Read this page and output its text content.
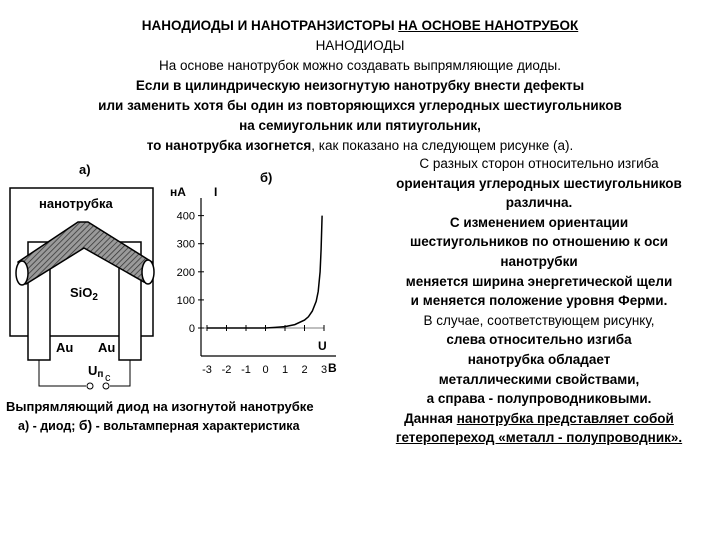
НАНОДИОДЫ И НАНОТРАНЗИСТОРЫ НА ОСНОВЕ НАНОТРУБОК
НАНОДИОДЫ
На основе нанотрубок можно создавать выпрямляющие диоды.
Если в цилиндрическую неизогнутую нанотрубку внести дефекты
или заменить хотя бы один из повторяющихся углеродных шестиугольников
на семиугольник или пятиугольник,
то нанотрубка изогнется, как показано на следующем рисунке (а).
С разных сторон относительно изгиба
ориентация углеродных шестиугольников
различна.
С изменением ориентации
шестиугольников по отношению к оси
нанотрубки
меняется ширина энергетической щели
и меняется положение уровня Ферми.
В случае, соответствующем рисунку,
слева относительно изгиба
нанотрубка обладает
металлическими свойствами,
а справа - полупроводниковыми.
Данная нанотрубка представляет собой
гетеропереход «металл - полупроводник».
а)
нанотрубка
SiO$_2$
Au Au
Uп c
б)
нА I
U
В
0
100
200
300
400
-3 -2 -1 0 1 2 3
Выпрямляющий диод на изогнутой нанотрубке
а) - диод; б) - вольтамперная характеристика
